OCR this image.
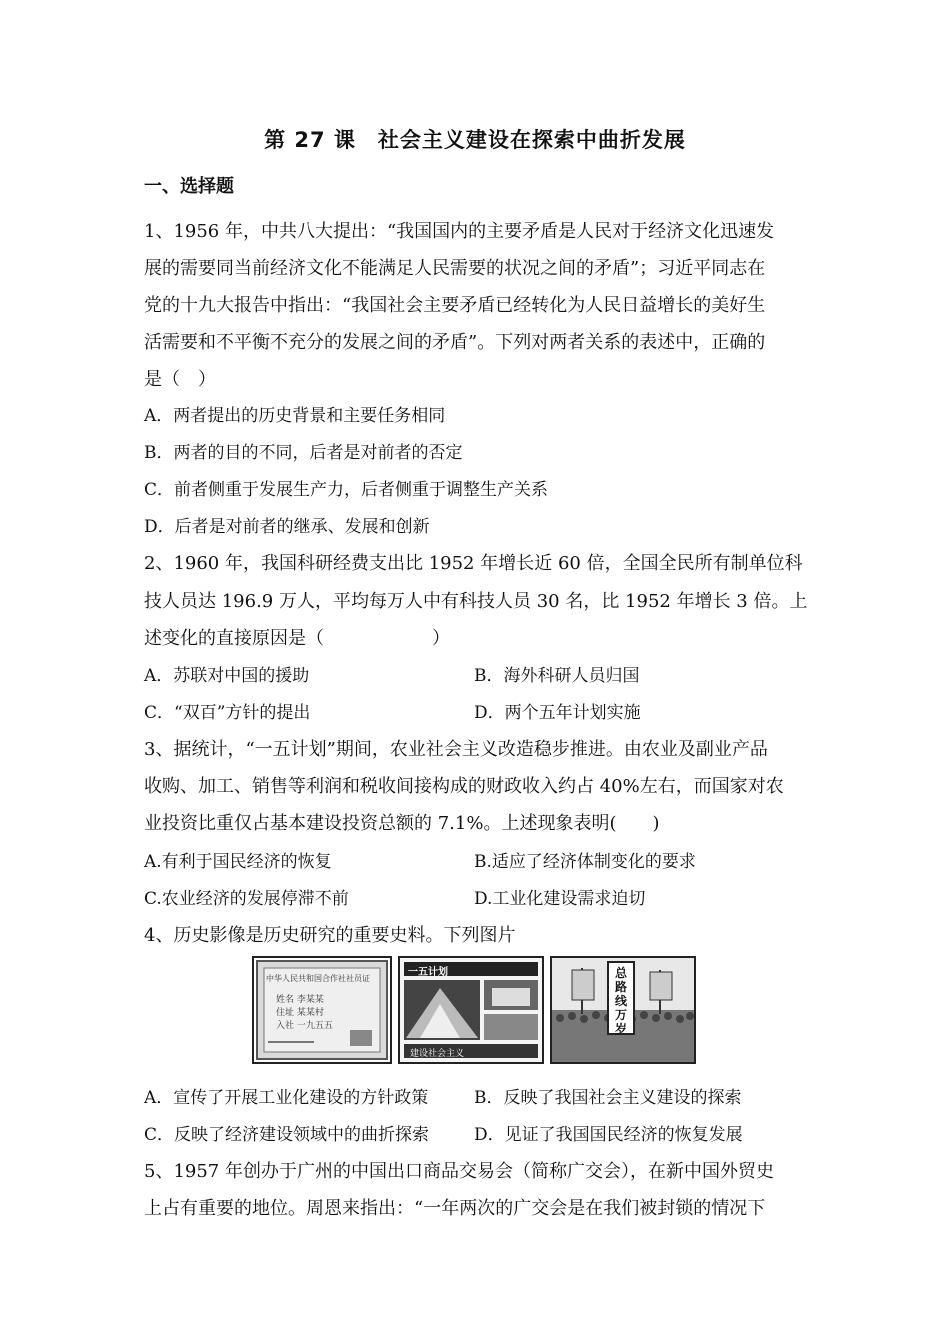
第 27 课　社会主义建设在探索中曲折发展
一、选择题
1、1956 年，中共八大提出：“我国国内的主要矛盾是人民对于经济文化迅速发
展的需要同当前经济文化不能满足人民需要的状况之间的矛盾”；习近平同志在
党的十九大报告中指出：“我国社会主要矛盾已经转化为人民日益增长的美好生
活需要和不平衡不充分的发展之间的矛盾”。下列对两者关系的表述中，正确的
是（　）
A．两者提出的历史背景和主要任务相同
B．两者的目的不同，后者是对前者的否定
C．前者侧重于发展生产力，后者侧重于调整生产关系
D．后者是对前者的继承、发展和创新
2、1960 年，我国科研经费支出比 1952 年增长近 60 倍，全国全民所有制单位科
技人员达 196.9 万人，平均每万人中有科技人员 30 名，比 1952 年增长 3 倍。上
述变化的直接原因是（　　　　　　）
A．苏联对中国的援助	B．海外科研人员归国
C．“双百”方针的提出	D．两个五年计划实施
3、据统计，“一五计划”期间，农业社会主义改造稳步推进。由农业及副业产品
收购、加工、销售等利润和税收间接构成的财政收入约占 40%左右，而国家对农
业投资比重仅占基本建设投资总额的 7.1%。上述现象表明(　　)
A.有利于国民经济的恢复	B.适应了经济体制变化的要求
C.农业经济的发展停滞不前	D.工业化建设需求迫切
4、历史影像是历史研究的重要史料。下列图片
中华人民共和国合作社社员证
姓名 李某某
住址 某某村
入社 一九五五
一五计划
建设社会主义
总路线万岁
A．宣传了开展工业化建设的方针政策	B．反映了我国社会主义建设的探索
C．反映了经济建设领域中的曲折探索	D．见证了我国国民经济的恢复发展
5、1957 年创办于广州的中国出口商品交易会（简称广交会），在新中国外贸史
上占有重要的地位。周恩来指出：“一年两次的广交会是在我们被封锁的情况下
